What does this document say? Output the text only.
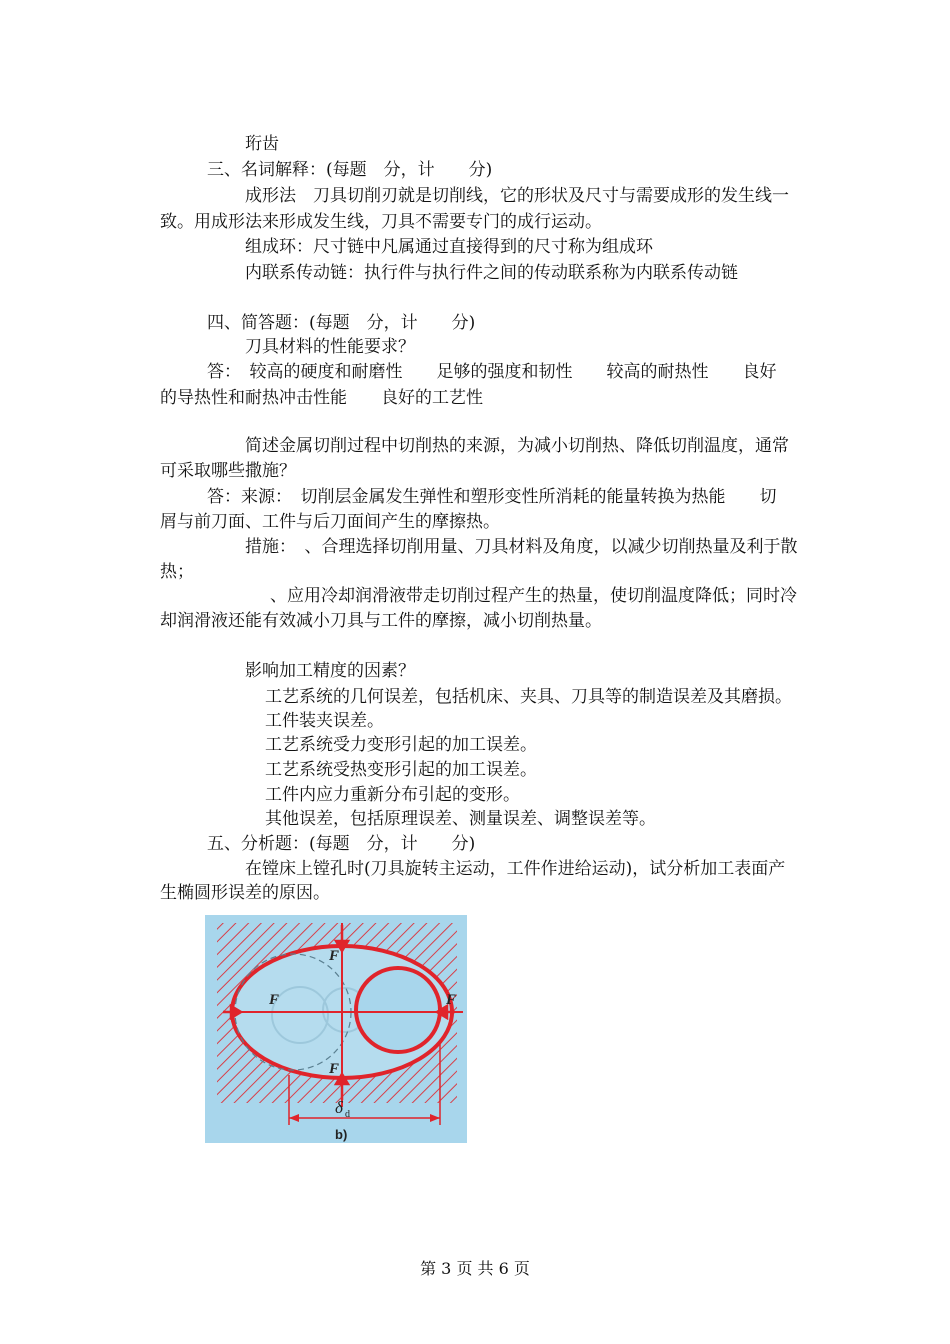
珩齿
三、名词解释：(每题　分，计　　分)
成形法　刀具切削刃就是切削线，它的形状及尺寸与需要成形的发生线一
致。用成形法来形成发生线，刀具不需要专门的成行运动。
组成环：尺寸链中凡属通过直接得到的尺寸称为组成环
内联系传动链：执行件与执行件之间的传动联系称为内联系传动链
四、简答题：(每题　分，计　　分)
刀具材料的性能要求？
答：　较高的硬度和耐磨性　　足够的强度和韧性　　较高的耐热性　　良好
的导热性和耐热冲击性能　　良好的工艺性
简述金属切削过程中切削热的来源，为减小切削热、降低切削温度，通常
可采取哪些撒施？
答：来源：　切削层金属发生弹性和塑形变性所消耗的能量转换为热能　　切
屑与前刀面、工件与后刀面间产生的摩擦热。
措施：　、合理选择切削用量、刀具材料及角度，以减少切削热量及利于散
热；
、应用冷却润滑液带走切削过程产生的热量，使切削温度降低；同时冷
却润滑液还能有效减小刀具与工件的摩擦，减小切削热量。
影响加工精度的因素？
工艺系统的几何误差，包括机床、夹具、刀具等的制造误差及其磨损。
工件装夹误差。
工艺系统受力变形引起的加工误差。
工艺系统受热变形引起的加工误差。
工件内应力重新分布引起的变形。
其他误差，包括原理误差、测量误差、调整误差等。
五、分析题：(每题　分，计　　分)
在镗床上镗孔时(刀具旋转主运动，工件作进给运动)，试分析加工表面产
生椭圆形误差的原因。
F
F	F
F
δ d
b)
第 3 页 共 6 页
